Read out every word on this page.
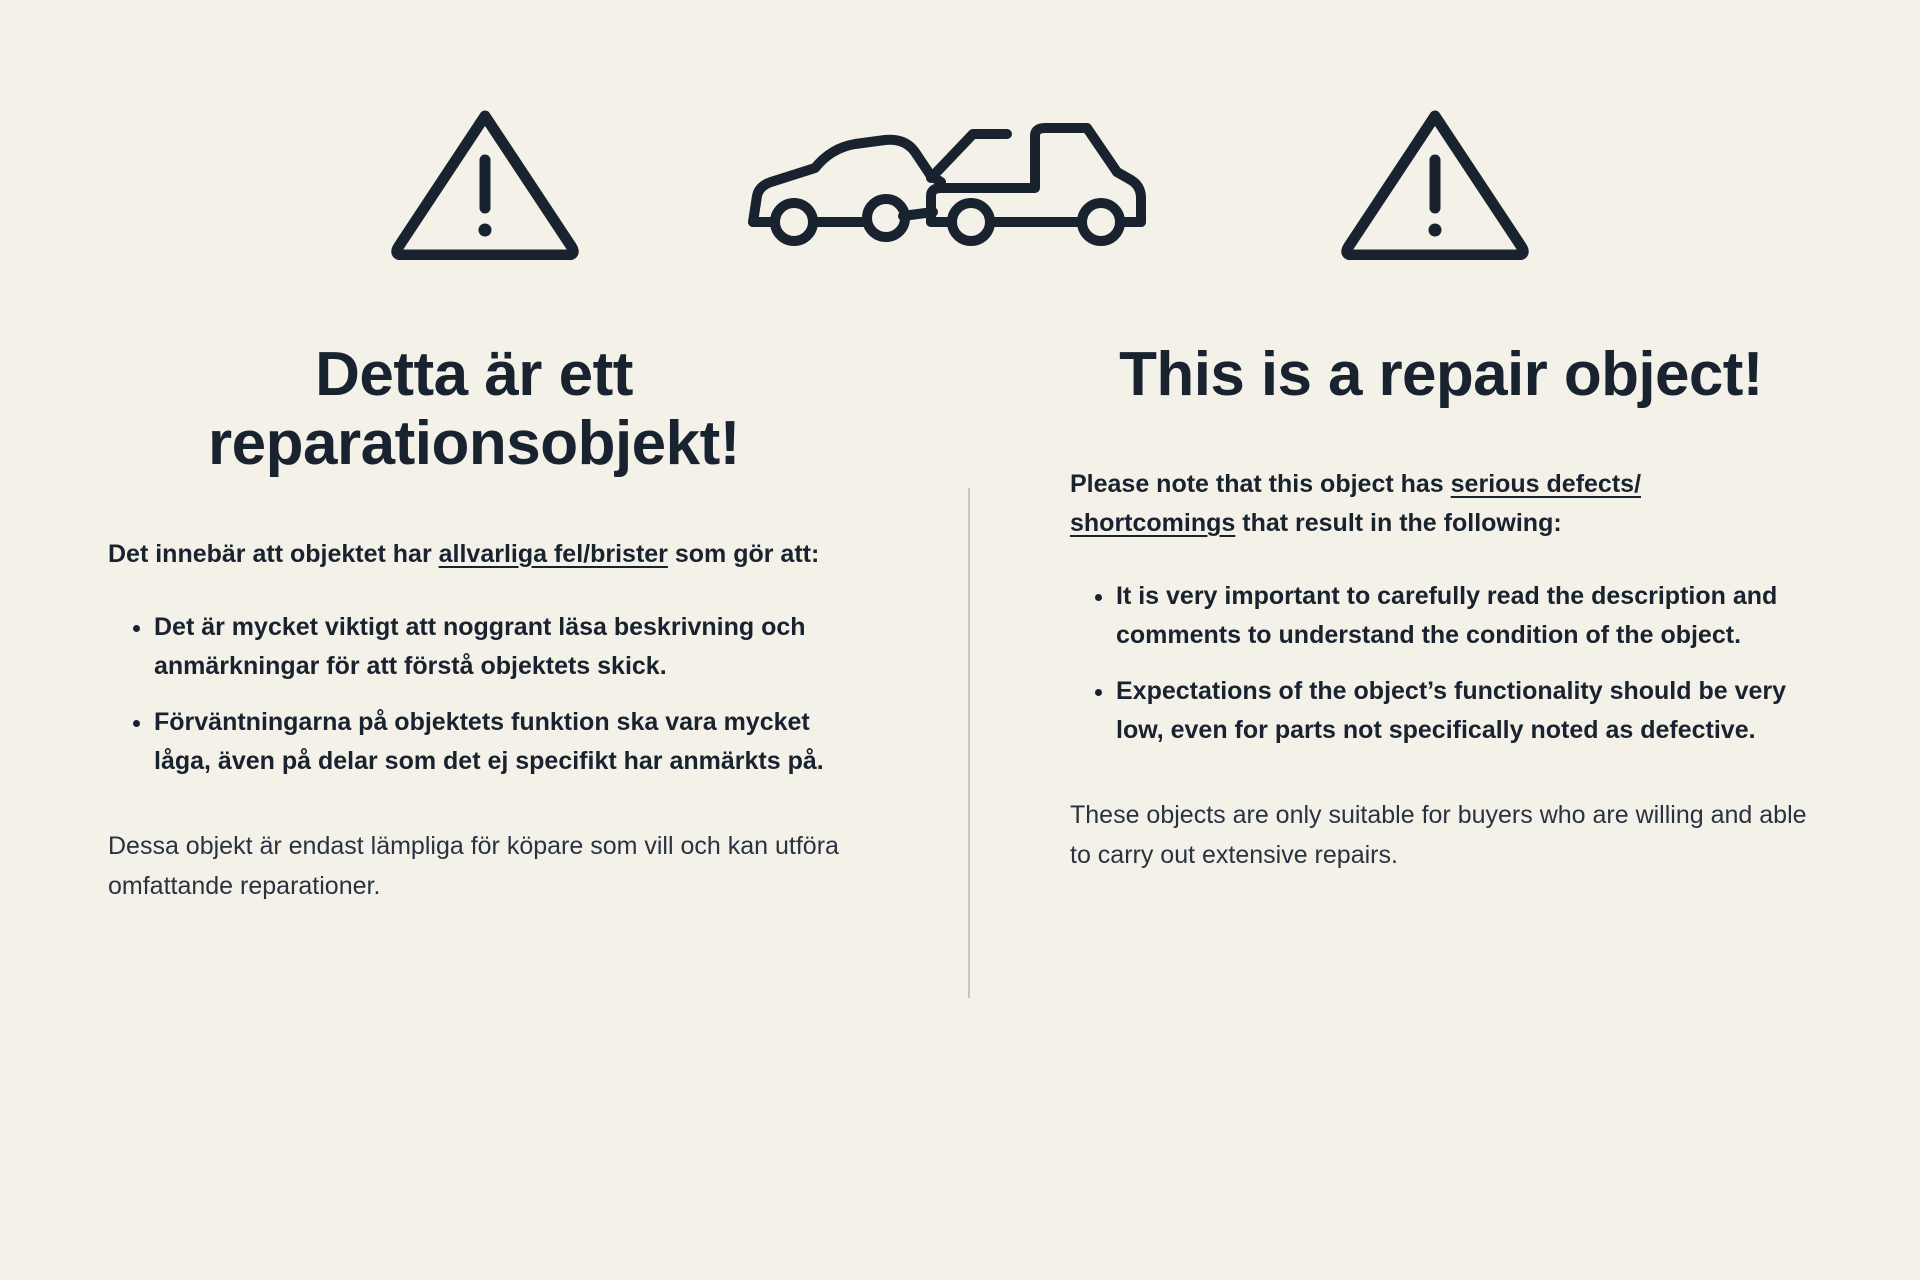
Detta är ett reparationsobjekt!

Det innebär att objektet har allvarliga fel/brister som gör att:

• Det är mycket viktigt att noggrant läsa beskrivning och anmärkningar för att förstå objektets skick.
• Förväntningarna på objektets funktion ska vara mycket låga, även på delar som det ej specifikt har anmärkts på.

Dessa objekt är endast lämpliga för köpare som vill och kan utföra omfattande reparationer.

This is a repair object!

Please note that this object has serious defects/ shortcomings that result in the following:

• It is very important to carefully read the description and comments to understand the condition of the object.
• Expectations of the object’s functionality should be very low, even for parts not specifically noted as defective.

These objects are only suitable for buyers who are willing and able to carry out extensive repairs.
